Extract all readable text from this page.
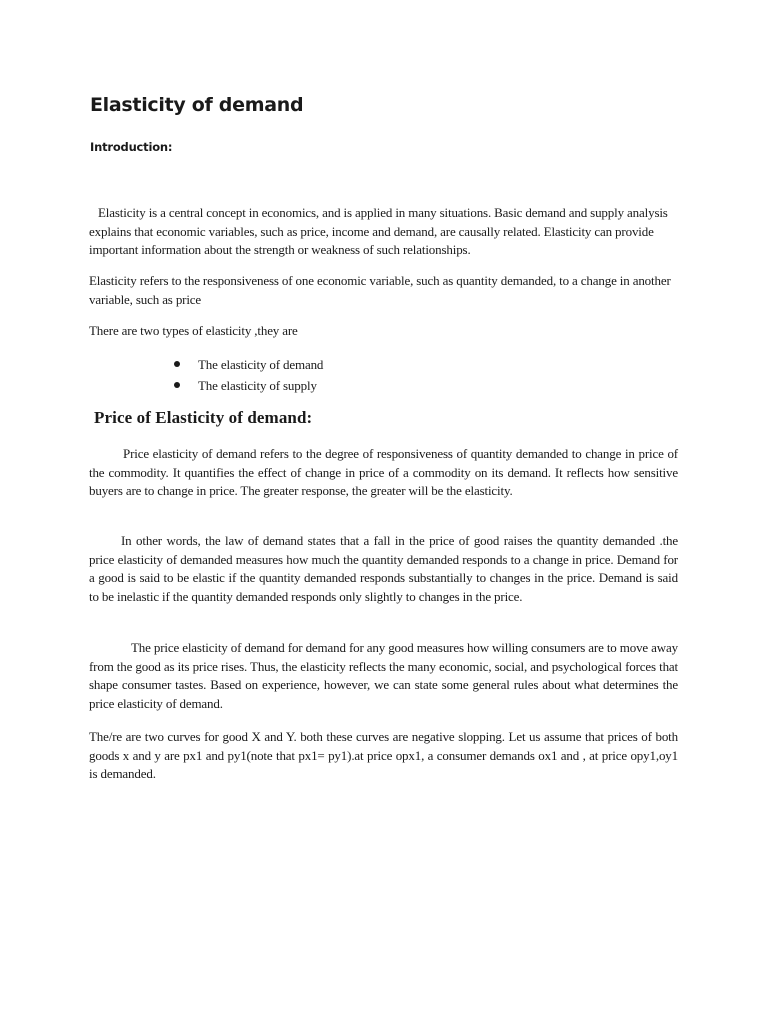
Elasticity of demand
Introduction:

Elasticity is a central concept in economics, and is applied in many situations. Basic demand and supply analysis explains that economic variables, such as price, income and demand, are causally related. Elasticity can provide important information about the strength or weakness of such relationships.

Elasticity refers to the responsiveness of one economic variable, such as quantity demanded, to a change in another variable, such as price

There are two types of elasticity ,they are

The elasticity of demand
The elasticity of supply
Price of Elasticity of demand:

Price elasticity of demand refers to the degree of responsiveness of quantity demanded to change in price of the commodity. It quantifies the effect of change in price of a commodity on its demand. It reflects how sensitive buyers are to change in price. The greater response, the greater will be the elasticity.

In other words, the law of demand states that a fall in the price of good raises the quantity demanded .the price elasticity of demanded measures how much the quantity demanded responds to a change in price. Demand for a good is said to be elastic if the quantity demanded responds substantially to changes in the price. Demand is said to be inelastic if the quantity demanded responds only slightly to changes in the price.

The price elasticity of demand for demand for any good measures how willing consumers are to move away from the good as its price rises. Thus, the elasticity reflects the many economic, social, and psychological forces that shape consumer tastes. Based on experience, however, we can state some general rules about what determines the price elasticity of demand.

The/re are two curves for good X and Y. both these curves are negative slopping. Let us assume that prices of both goods x and y are px1 and py1(note that px1= py1).at price opx1, a consumer demands ox1 and , at price opy1,oy1 is demanded.
